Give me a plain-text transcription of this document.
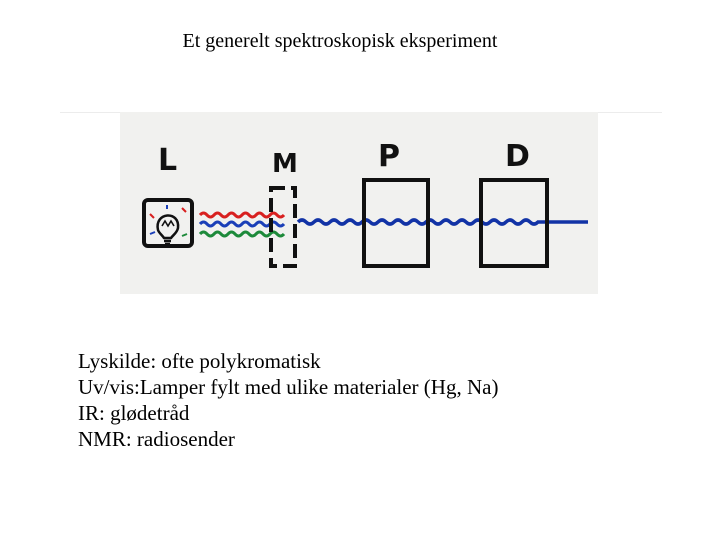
Et generelt spektroskopisk eksperiment
L	M	P	D
Lyskilde: ofte polykromatisk
Uv/vis:Lamper fylt med ulike materialer (Hg, Na)
IR: glødetråd
NMR: radiosender
